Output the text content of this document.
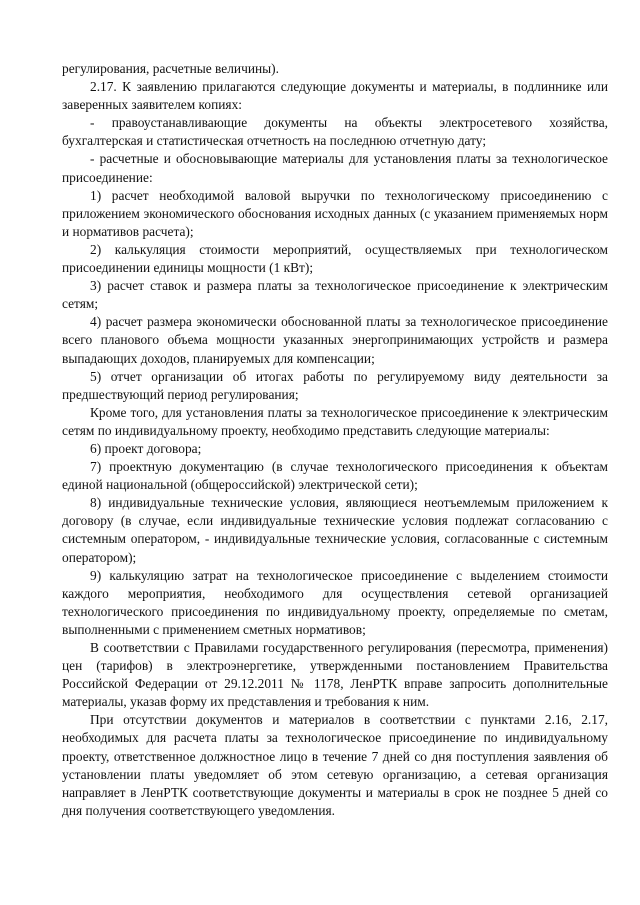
регулирования, расчетные величины).

2.17. К заявлению прилагаются следующие документы и материалы, в подлиннике или заверенных заявителем копиях:

- правоустанавливающие документы на объекты электросетевого хозяйства, бухгалтерская и статистическая отчетность на последнюю отчетную дату;

- расчетные и обосновывающие материалы для установления платы за технологическое присоединение:

1) расчет необходимой валовой выручки по технологическому присоединению с приложением экономического обоснования исходных данных (с указанием применяемых норм и нормативов расчета);

2) калькуляция стоимости мероприятий, осуществляемых при технологическом присоединении единицы мощности (1 кВт);

3) расчет ставок и размера платы за технологическое присоединение к электрическим сетям;

4) расчет размера экономически обоснованной платы за технологическое присоединение всего планового объема мощности указанных энергопринимающих устройств и размера выпадающих доходов, планируемых для компенсации;

5) отчет организации об итогах работы по регулируемому виду деятельности за предшествующий период регулирования;

Кроме того, для установления платы за технологическое присоединение к электрическим сетям по индивидуальному проекту, необходимо представить следующие материалы:

6) проект договора;

7) проектную документацию (в случае технологического присоединения к объектам единой национальной (общероссийской) электрической сети);

8) индивидуальные технические условия, являющиеся неотъемлемым приложением к договору (в случае, если индивидуальные технические условия подлежат согласованию с системным оператором, - индивидуальные технические условия, согласованные с системным оператором);

9) калькуляцию затрат на технологическое присоединение с выделением стоимости каждого мероприятия, необходимого для осуществления сетевой организацией технологического присоединения по индивидуальному проекту, определяемые по сметам, выполненными с применением сметных нормативов;

В соответствии с Правилами государственного регулирования (пересмотра, применения) цен (тарифов) в электроэнергетике, утвержденными постановлением Правительства Российской Федерации от 29.12.2011 № 1178, ЛенРТК вправе запросить дополнительные материалы, указав форму их представления и требования к ним.

При отсутствии документов и материалов в соответствии с пунктами 2.16, 2.17, необходимых для расчета платы за технологическое присоединение по индивидуальному проекту, ответственное должностное лицо в течение 7 дней со дня поступления заявления об установлении платы уведомляет об этом сетевую организацию, а сетевая организация направляет в ЛенРТК соответствующие документы и материалы в срок не позднее 5 дней со дня получения соответствующего уведомления.
